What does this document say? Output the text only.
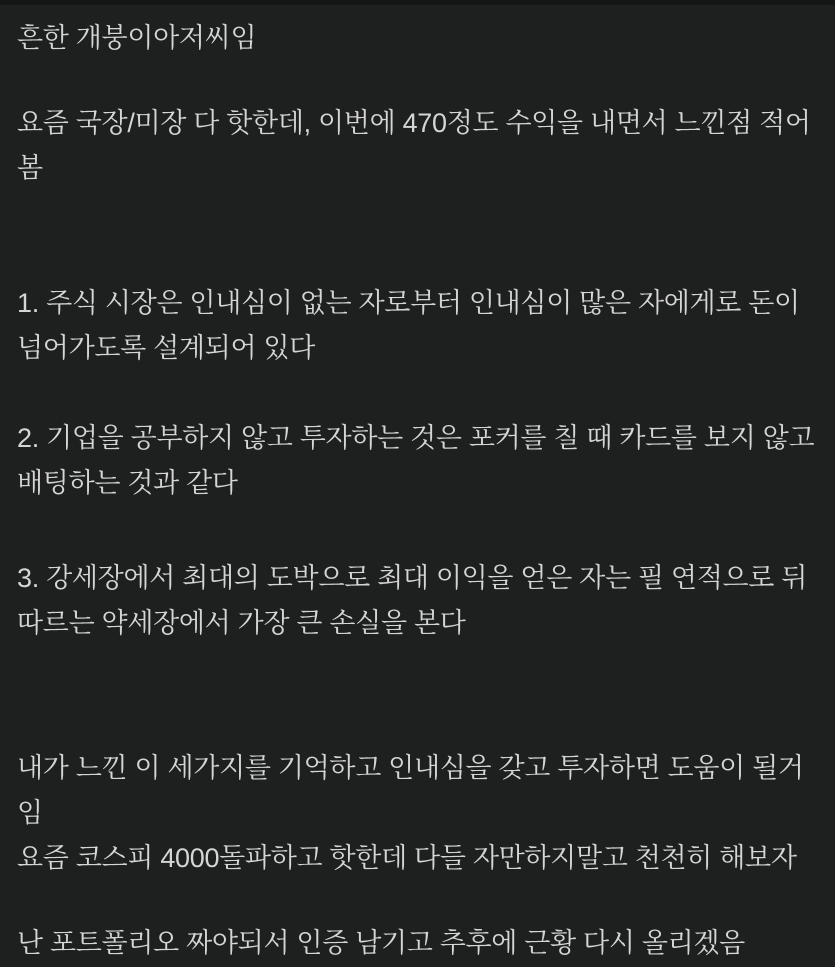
흔한 개붕이아저씨임
요즘 국장/미장 다 핫한데, 이번에 470정도 수익을 내면서 느낀점 적어
봄
1. 주식 시장은 인내심이 없는 자로부터 인내심이 많은 자에게로 돈이
넘어가도록 설계되어 있다
2. 기업을 공부하지 않고 투자하는 것은 포커를 칠 때 카드를 보지 않고
배팅하는 것과 같다
3. 강세장에서 최대의 도박으로 최대 이익을 얻은 자는 필 연적으로 뒤
따르는 약세장에서 가장 큰 손실을 본다
내가 느낀 이 세가지를 기억하고 인내심을 갖고 투자하면 도움이 될거
임
요즘 코스피 4000돌파하고 핫한데 다들 자만하지말고 천천히 해보자
난 포트폴리오 짜야되서 인증 남기고 추후에 근황 다시 올리겠음
